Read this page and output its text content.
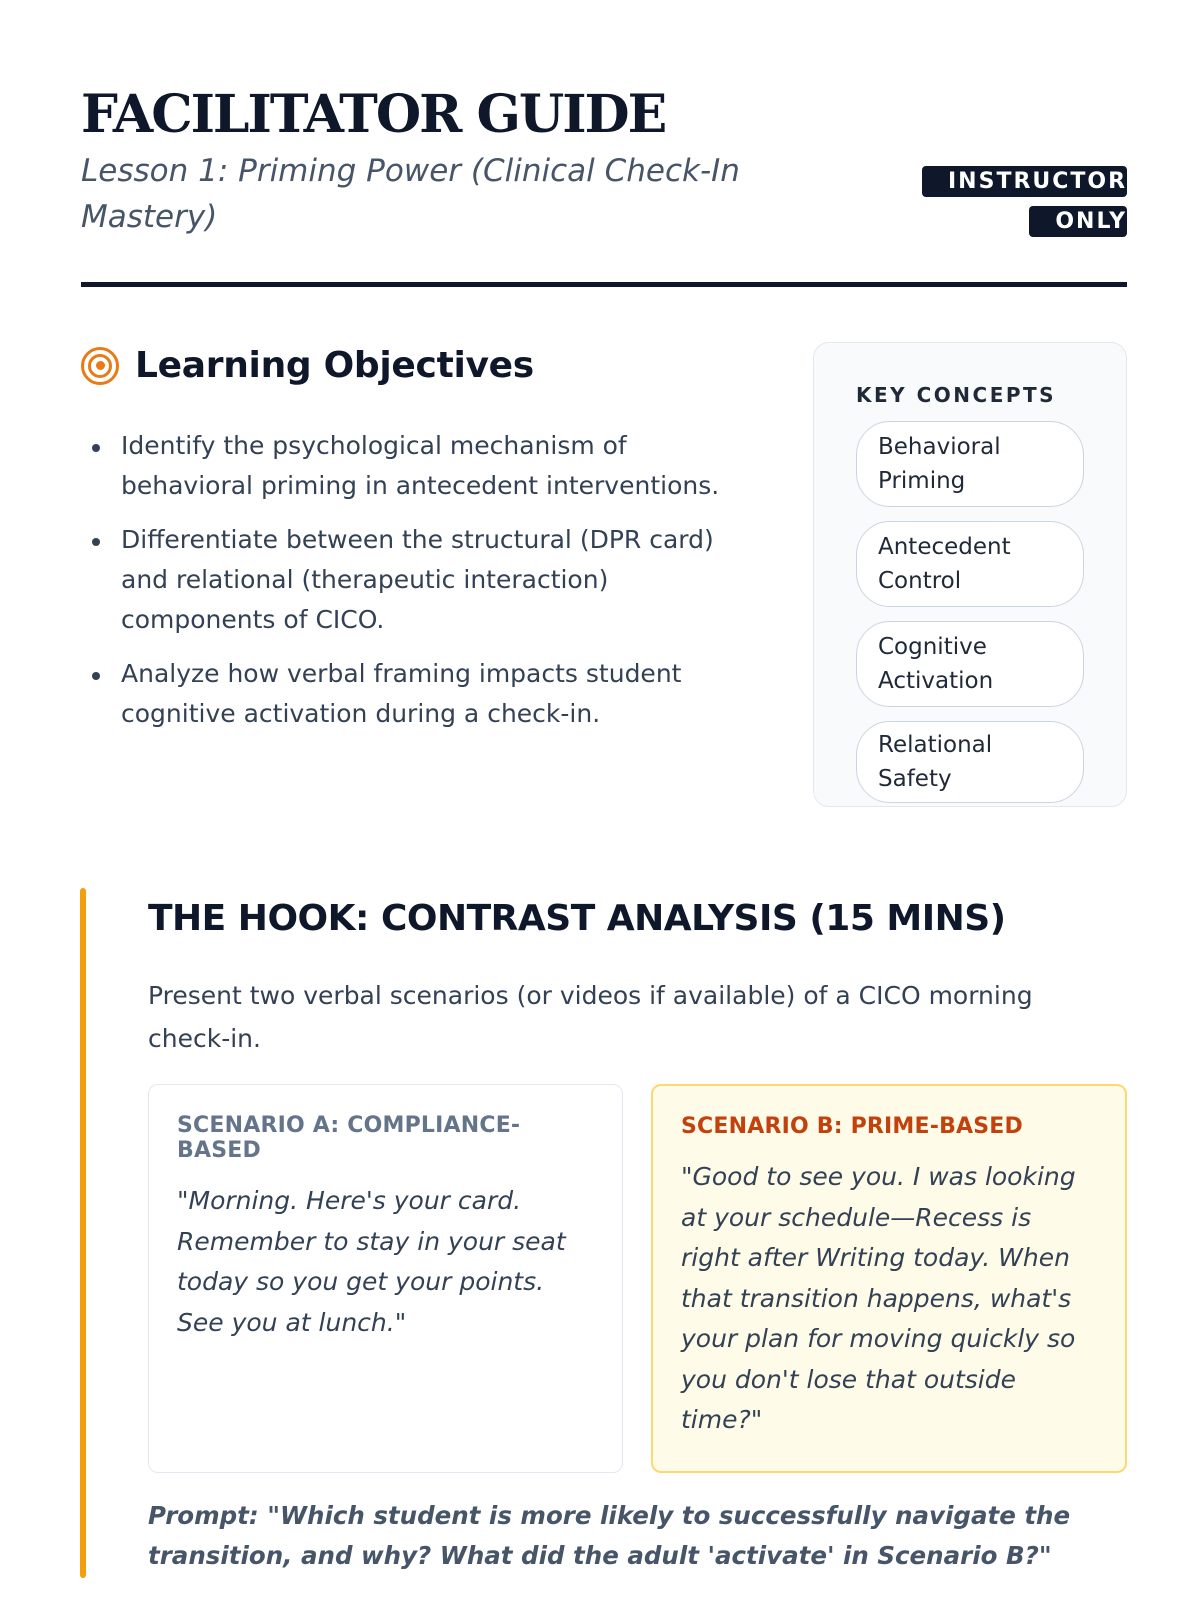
FACILITATOR GUIDE
Lesson 1: Priming Power (Clinical Check-In Mastery)
INSTRUCTOR ONLY
Learning Objectives
Identify the psychological mechanism of behavioral priming in antecedent interventions.
Differentiate between the structural (DPR card) and relational (therapeutic interaction) components of CICO.
Analyze how verbal framing impacts student cognitive activation during a check-in.
KEY CONCEPTS
Behavioral Priming
Antecedent Control
Cognitive Activation
Relational Safety
THE HOOK: CONTRAST ANALYSIS (15 MINS)

Present two verbal scenarios (or videos if available) of a CICO morning check-in.

SCENARIO A: COMPLIANCE-BASED

"Morning. Here's your card. Remember to stay in your seat today so you get your points. See you at lunch."

SCENARIO B: PRIME-BASED

"Good to see you. I was looking at your schedule—Recess is right after Writing today. When that transition happens, what's your plan for moving quickly so you don't lose that outside time?"

Prompt: "Which student is more likely to successfully navigate the transition, and why? What did the adult 'activate' in Scenario B?"
